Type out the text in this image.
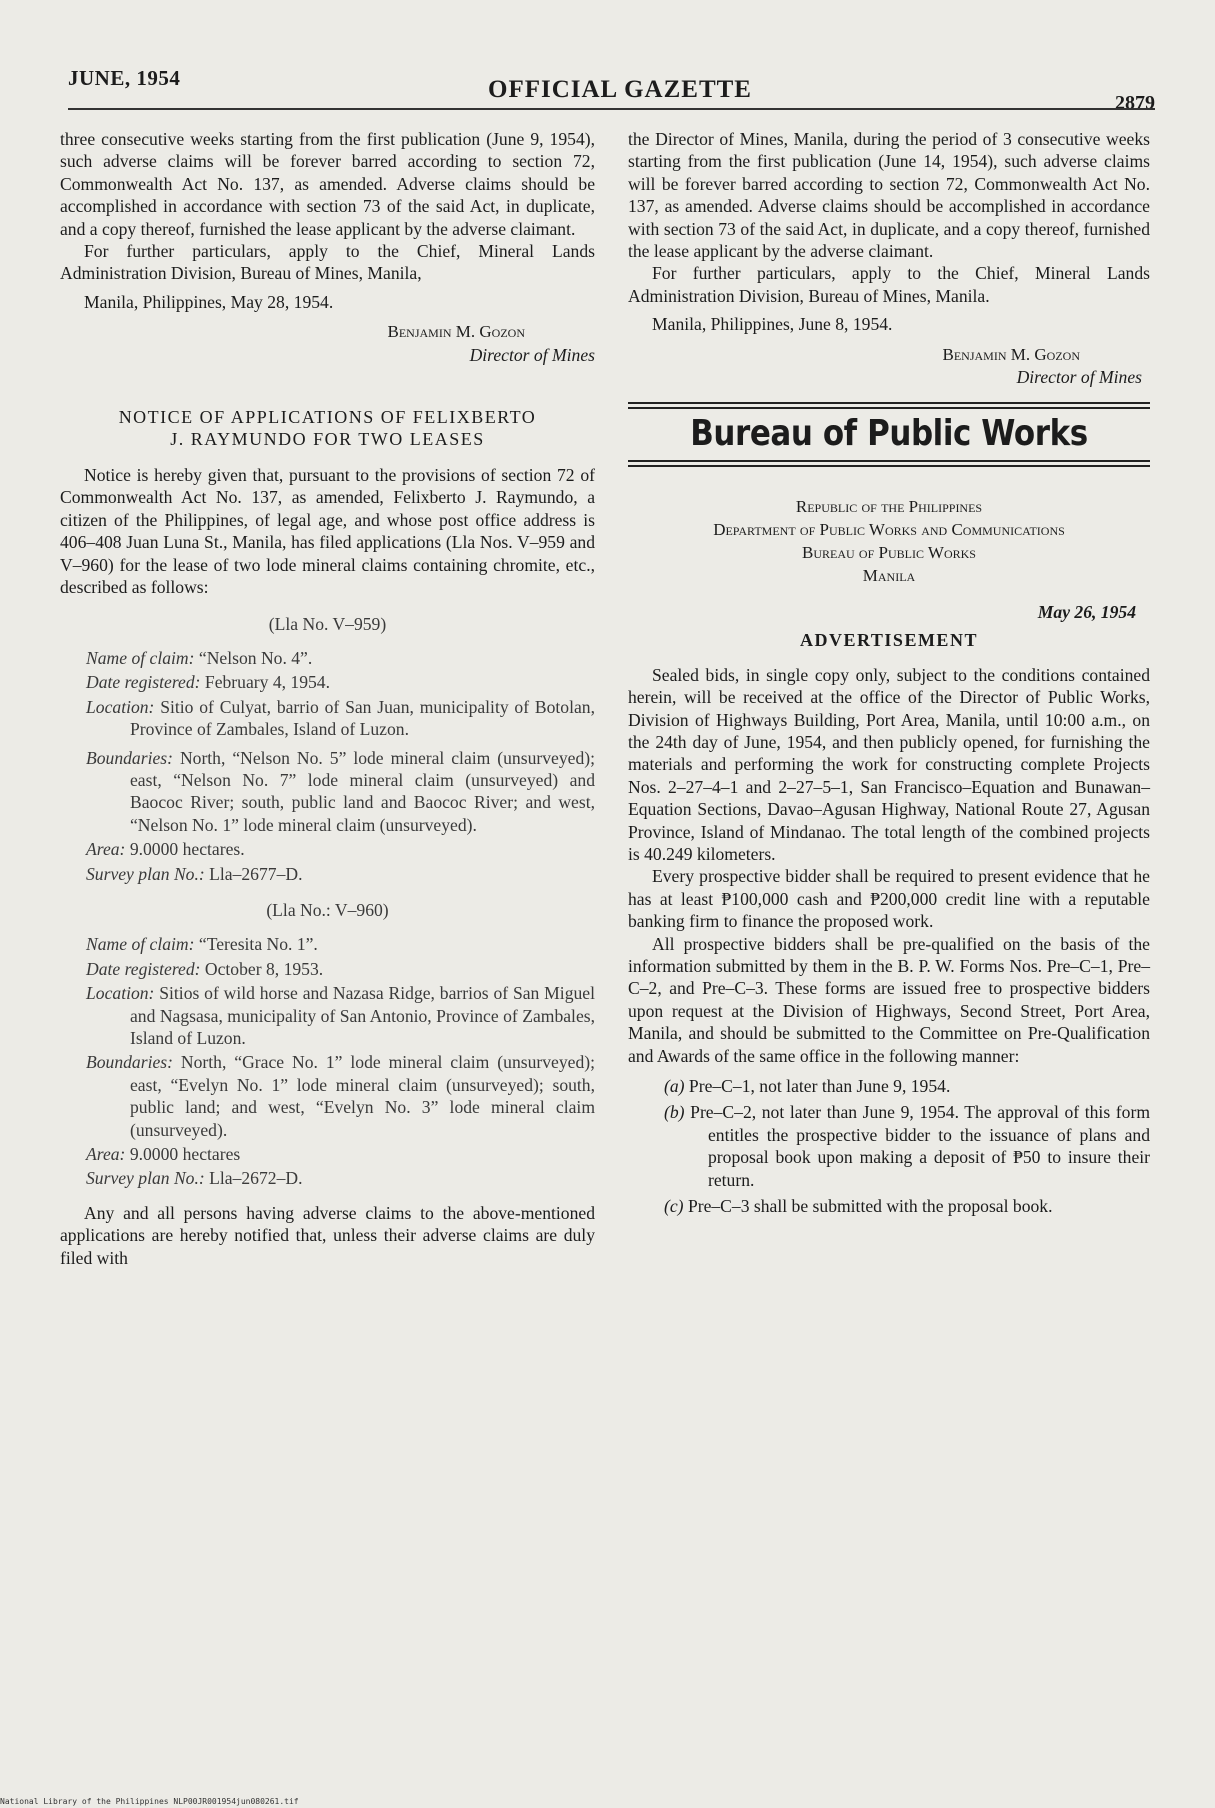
JUNE, 1954	OFFICIAL GAZETTE	2879

three consecutive weeks starting from the first publication (June 9, 1954), such adverse claims will be forever barred according to section 72, Commonwealth Act No. 137, as amended. Adverse claims should be accomplished in accordance with section 73 of the said Act, in duplicate, and a copy thereof, furnished the lease applicant by the adverse claimant.

For further particulars, apply to the Chief, Mineral Lands Administration Division, Bureau of Mines, Manila,

Manila, Philippines, May 28, 1954.

Benjamin M. Gozon
Director of Mines
NOTICE OF APPLICATIONS OF FELIXBERTO
J. RAYMUNDO FOR TWO LEASES

Notice is hereby given that, pursuant to the provisions of section 72 of Commonwealth Act No. 137, as amended, Felixberto J. Raymundo, a citizen of the Philippines, of legal age, and whose post office address is 406–408 Juan Luna St., Manila, has filed applications (Lla Nos. V–959 and V–960) for the lease of two lode mineral claims containing chromite, etc., described as follows:

(Lla No. V–959)

Name of claim: “Nelson No. 4”.

Date registered: February 4, 1954.

Location: Sitio of Culyat, barrio of San Juan, municipality of Botolan, Province of Zambales, Island of Luzon.

Boundaries: North, “Nelson No. 5” lode mineral claim (unsurveyed); east, “Nelson No. 7” lode mineral claim (unsurveyed) and Baococ River; south, public land and Baococ River; and west, “Nelson No. 1” lode mineral claim (unsurveyed).

Area: 9.0000 hectares.

Survey plan No.: Lla–2677–D.

(Lla No.: V–960)

Name of claim: “Teresita No. 1”.

Date registered: October 8, 1953.

Location: Sitios of wild horse and Nazasa Ridge, barrios of San Miguel and Nagsasa, municipality of San Antonio, Province of Zambales, Island of Luzon.

Boundaries: North, “Grace No. 1” lode mineral claim (unsurveyed); east, “Evelyn No. 1” lode mineral claim (unsurveyed); south, public land; and west, “Evelyn No. 3” lode mineral claim (unsurveyed).

Area: 9.0000 hectares

Survey plan No.: Lla–2672–D.

Any and all persons having adverse claims to the above-mentioned applications are hereby notified that, unless their adverse claims are duly filed with

the Director of Mines, Manila, during the period of 3 consecutive weeks starting from the first publication (June 14, 1954), such adverse claims will be forever barred according to section 72, Commonwealth Act No. 137, as amended. Adverse claims should be accomplished in accordance with section 73 of the said Act, in duplicate, and a copy thereof, furnished the lease applicant by the adverse claimant.

For further particulars, apply to the Chief, Mineral Lands Administration Division, Bureau of Mines, Manila.

Manila, Philippines, June 8, 1954.

Benjamin M. Gozon
Director of Mines
Bureau of Public Works
Republic of the Philippines
Department of Public Works and Communications
Bureau of Public Works
Manila
May 26, 1954
ADVERTISEMENT

Sealed bids, in single copy only, subject to the conditions contained herein, will be received at the office of the Director of Public Works, Division of Highways Building, Port Area, Manila, until 10:00 a.m., on the 24th day of June, 1954, and then publicly opened, for furnishing the materials and performing the work for constructing complete Projects Nos. 2–27–4–1 and 2–27–5–1, San Francisco–Equation and Bunawan–Equation Sections, Davao–Agusan Highway, National Route 27, Agusan Province, Island of Mindanao. The total length of the combined projects is 40.249 kilometers.

Every prospective bidder shall be required to present evidence that he has at least ₱100,000 cash and ₱200,000 credit line with a reputable banking firm to finance the proposed work.

All prospective bidders shall be pre-qualified on the basis of the information submitted by them in the B. P. W. Forms Nos. Pre–C–1, Pre–C–2, and Pre–C–3. These forms are issued free to prospective bidders upon request at the Division of Highways, Second Street, Port Area, Manila, and should be submitted to the Committee on Pre-Qualification and Awards of the same office in the following manner:

(a) Pre–C–1, not later than June 9, 1954.

(b) Pre–C–2, not later than June 9, 1954. The approval of this form entitles the prospective bidder to the issuance of plans and proposal book upon making a deposit of ₱50 to insure their return.

(c) Pre–C–3 shall be submitted with the proposal book.

National Library of the Philippines NLP00JR001954jun080261.tif
